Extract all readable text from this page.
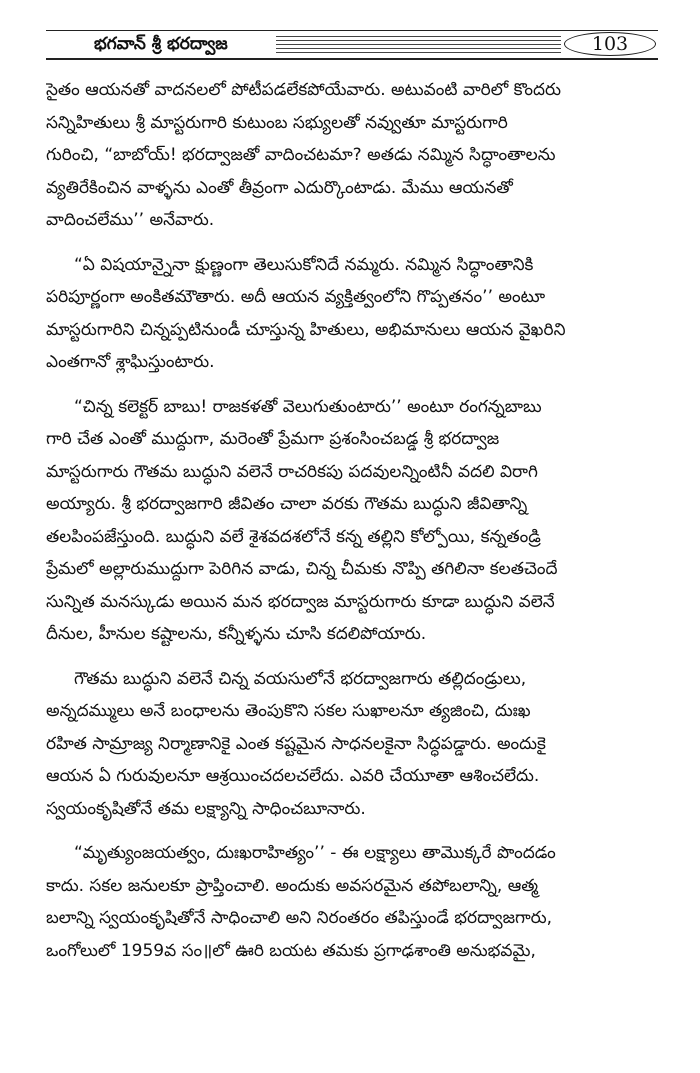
భగవాన్ శ్రీ భరద్వాజ	103
సైతం ఆయనతో వాదనలలో పోటీపడలేకపోయేవారు. అటువంటి వారిలో కొందరు
సన్నిహితులు శ్రీ మాస్టరుగారి కుటుంబ సభ్యులతో నవ్వుతూ మాస్టరుగారి
గురించి, “బాబోయ్! భరద్వాజతో వాదించటమా? అతడు నమ్మిన సిద్ధాంతాలను
వ్యతిరేకించిన వాళ్ళను ఎంతో తీవ్రంగా ఎదుర్కొంటాడు. మేము ఆయనతో
వాదించలేము’’ అనేవారు.
“ఏ విషయాన్నైనా క్షుణ్ణంగా తెలుసుకోనిదే నమ్మరు. నమ్మిన సిద్ధాంతానికి
పరిపూర్ణంగా అంకితమౌతారు. అదీ ఆయన వ్యక్తిత్వంలోని గొప్పతనం’’ అంటూ
మాస్టరుగారిని చిన్నప్పటినుండీ చూస్తున్న హితులు, అభిమానులు ఆయన వైఖరిని
ఎంతగానో శ్లాఘిస్తుంటారు.
“చిన్న కలెక్టర్ బాబు! రాజకళతో వెలుగుతుంటారు’’ అంటూ రంగన్నబాబు
గారి చేత ఎంతో ముద్దుగా, మరెంతో ప్రేమగా ప్రశంసించబడ్డ శ్రీ భరద్వాజ
మాస్టరుగారు గౌతమ బుద్ధుని వలెనే రాచరికపు పదవులన్నింటినీ వదలి విరాగి
అయ్యారు. శ్రీ భరద్వాజగారి జీవితం చాలా వరకు గౌతమ బుద్ధుని జీవితాన్ని
తలపింపజేస్తుంది. బుద్ధుని వలే శైశవదశలోనే కన్న తల్లిని కోల్పోయి, కన్నతండ్రి
ప్రేమలో అల్లారుముద్దుగా పెరిగిన వాడు, చిన్న చీమకు నొప్పి తగిలినా కలతచెందే
సున్నిత మనస్కుడు అయిన మన భరద్వాజ మాస్టరుగారు కూడా బుద్ధుని వలెనే
దీనుల, హీనుల కష్టాలను, కన్నీళ్ళను చూసి కదలిపోయారు.
గౌతమ బుద్ధుని వలెనే చిన్న వయసులోనే భరద్వాజగారు తల్లిదండ్రులు,
అన్నదమ్ములు అనే బంధాలను తెంపుకొని సకల సుఖాలనూ త్యజించి, దుఃఖ
రహిత సామ్రాజ్య నిర్మాణానికై ఎంత కష్టమైన సాధనలకైనా సిద్ధపడ్డారు. అందుకై
ఆయన ఏ గురువులనూ ఆశ్రయించదలచలేదు. ఎవరి చేయూతా ఆశించలేదు.
స్వయంకృషితోనే తమ లక్ష్యాన్ని సాధించబూనారు.
“మృత్యుంజయత్వం, దుఃఖరాహిత్యం’’ - ఈ లక్ష్యాలు తామొక్కరే పొందడం
కాదు. సకల జనులకూ ప్రాప్తించాలి. అందుకు అవసరమైన తపోబలాన్ని, ఆత్మ
బలాన్ని స్వయంకృషితోనే సాధించాలి అని నిరంతరం తపిస్తుండే భరద్వాజగారు,
ఒంగోలులో 1959వ సం॥లో ఊరి బయట తమకు ప్రగాఢశాంతి అనుభవమై,
